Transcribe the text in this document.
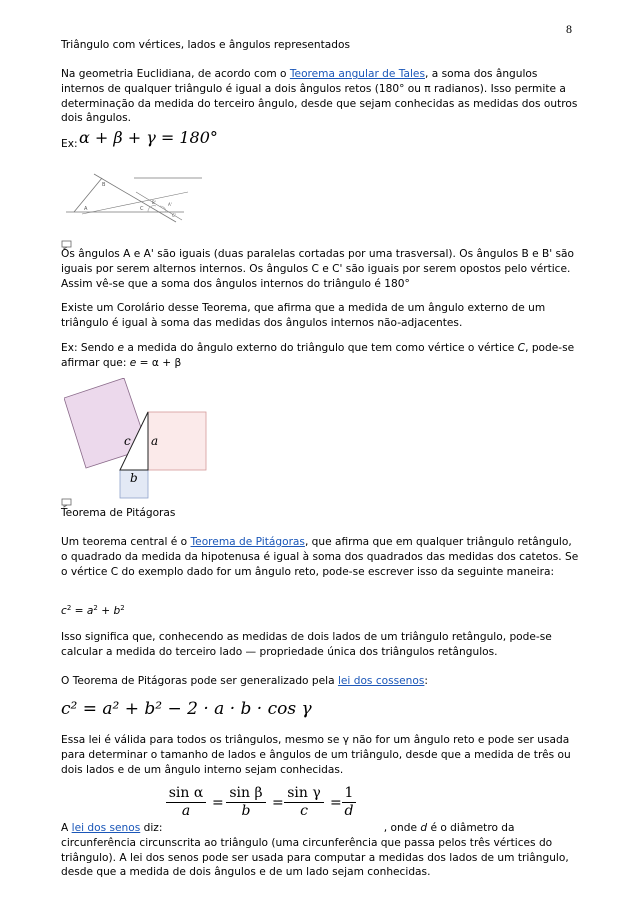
8

Triângulo com vértices, lados e ângulos representados

Na geometria Euclidiana, de acordo com o Teorema angular de Tales, a soma dos ângulos internos de qualquer triângulo é igual a dois ângulos retos (180° ou π radianos). Isso permite a determinação da medida do terceiro ângulo, desde que sejam conhecidas as medidas dos outros dois ângulos.

Ex: α + β + γ = 180°
A
B
C
B'	A'
C'

Os ângulos A e A' são iguais (duas paralelas cortadas por uma trasversal). Os ângulos B e B' são iguais por serem alternos internos. Os ângulos C e C' são iguais por serem opostos pelo vértice. Assim vê-se que a soma dos ângulos internos do triângulo é 180°

Existe um Corolário desse Teorema, que afirma que a medida de um ângulo externo de um triângulo é igual à soma das medidas dos ângulos internos não-adjacentes.

Ex: Sendo e a medida do ângulo externo do triângulo que tem como vértice o vértice C, pode-se afirmar que: e = α + β

c a
b

Teorema de Pitágoras

Um teorema central é o Teorema de Pitágoras, que afirma que em qualquer triângulo retângulo, o quadrado da medida da hipotenusa é igual à soma dos quadrados das medidas dos catetos. Se o vértice C do exemplo dado for um ângulo reto, pode-se escrever isso da seguinte maneira:

$c^2 = a^2 + b^2$

Isso significa que, conhecendo as medidas de dois lados de um triângulo retângulo, pode-se calcular a medida do terceiro lado — propriedade única dos triângulos retângulos.

O Teorema de Pitágoras pode ser generalizado pela lei dos cossenos:

c² = a² + b² − 2 · a · b · cos γ

Essa lei é válida para todos os triângulos, mesmo se γ não for um ângulo reto e pode ser usada para determinar o tamanho de lados e ângulos de um triângulo, desde que a medida de três ou dois lados e de um ângulo interno sejam conhecidas.

sin α
a	=
sin β
b	=
sin γ
c	=
1
d

A lei dos senos diz:	, onde d é o diâmetro da circunferência circunscrita ao triângulo (uma circunferência que passa pelos três vértices do triângulo). A lei dos senos pode ser usada para computar a medidas dos lados de um triângulo, desde que a medida de dois ângulos e de um lado sejam conhecidas.
